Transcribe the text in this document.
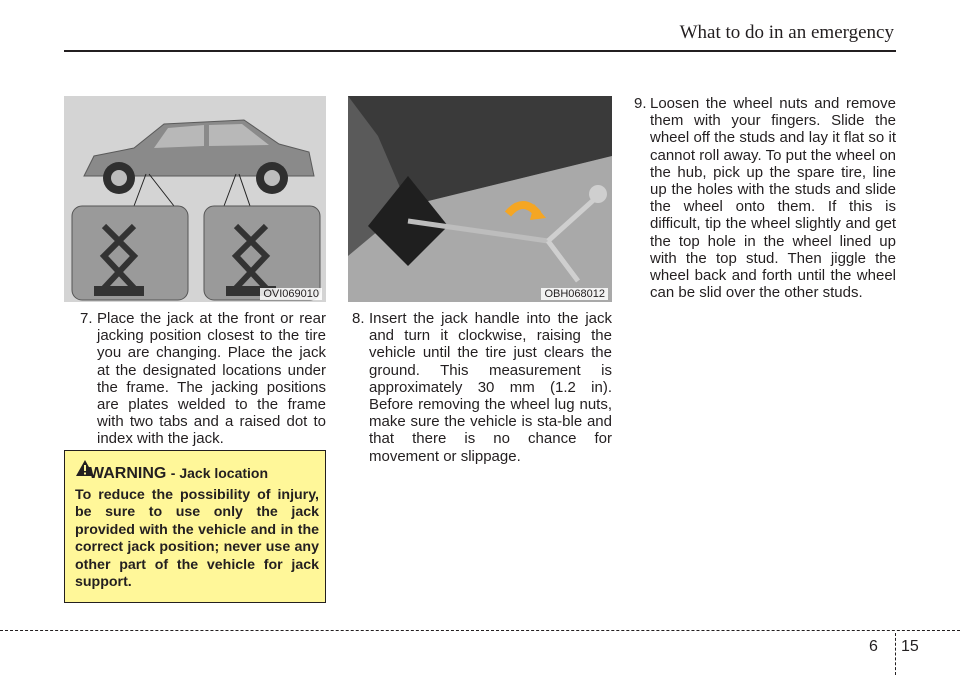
What to do in an emergency
OVI069010	OBH068012
7. Place the jack at the front or rear jacking position closest to the tire you are changing. Place the jack at the designated locations under the frame. The jacking positions are plates welded to the frame with two tabs and a raised dot to index with the jack.
8. Insert the jack handle into the jack and turn it clockwise, raising the vehicle until the tire just clears the ground. This measurement is approximately 30 mm (1.2 in). Before removing the wheel lug nuts, make sure the vehicle is sta-ble and that there is no chance for movement or slippage.
9. Loosen the wheel nuts and remove them with your fingers. Slide the wheel off the studs and lay it flat so it cannot roll away. To put the wheel on the hub, pick up the spare tire, line up the holes with the studs and slide the wheel onto them. If this is difficult, tip the wheel slightly and get the top hole in the wheel lined up with the top stud. Then jiggle the wheel back and forth until the wheel can be slid over the other studs.
WARNING - Jack location
To reduce the possibility of injury, be sure to use only the jack provided with the vehicle and in the correct jack position; never use any other part of the vehicle for jack support.
6 15
